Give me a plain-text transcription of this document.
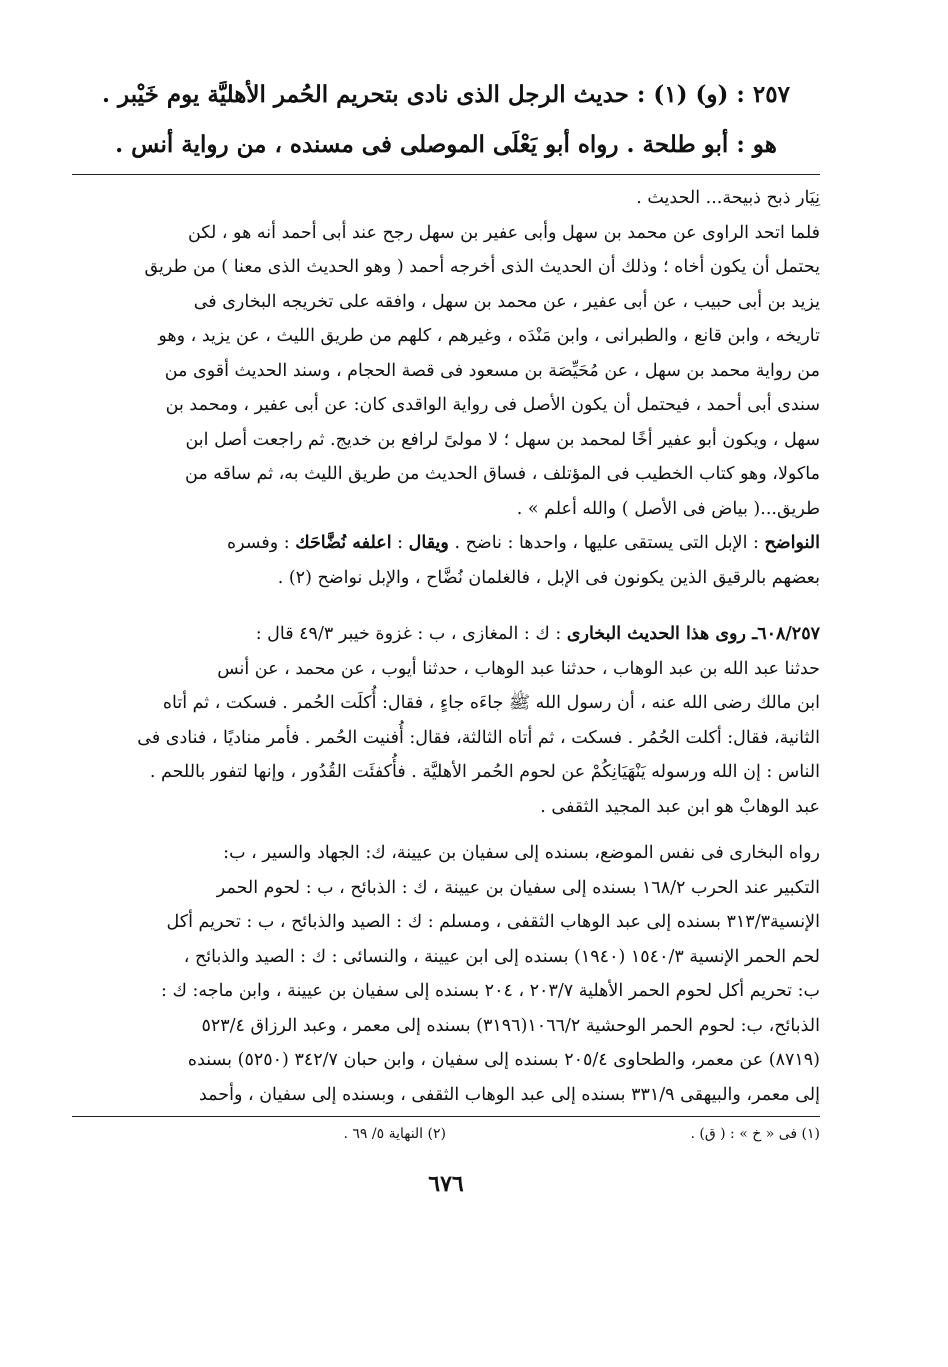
٢٥٧ : (و) (١) : حديث الرجل الذى نادى بتحريم الحُمر الأهليَّة يوم خَيْبر .
هو : أبو طلحة . رواه أبو يَعْلَى الموصلى فى مسنده ، من رواية أنس .

نِيَار ذبح ذبيحة... الحديث .

فلما اتحد الراوى عن محمد بن سهل وأبى عفير بن سهل رجح عند أبى أحمد أنه هو ، لكن

يحتمل أن يكون أخاه ؛ وذلك أن الحديث الذى أخرجه أحمد ( وهو الحديث الذى معنا ) من طريق

يزيد بن أبى حبيب ، عن أبى عفير ، عن محمد بن سهل ، وافقه على تخريجه البخارى فى

تاريخه ، وابن قانع ، والطبرانى ، وابن مَنْدَه ، وغيرهم ، كلهم من طريق الليث ، عن يزيد ، وهو

من رواية محمد بن سهل ، عن مُحَيِّصَة بن مسعود فى قصة الحجام ، وسند الحديث أقوى من

سندى أبى أحمد ، فيحتمل أن يكون الأصل فى رواية الواقدى كان: عن أبى عفير ، ومحمد بن

سهل ، ويكون أبو عفير أخًا لمحمد بن سهل ؛ لا مولىً لرافع بن خديج. ثم راجعت أصل ابن

ماكولا، وهو كتاب الخطيب فى المؤتلف ، فساق الحديث من طريق الليث به، ثم ساقه من

طريق...( بياض فى الأصل ) والله أعلم » .

النواضح : الإبل التى يستقى عليها ، واحدها : ناضح . ويقال : اعلفه نُضَّاحَك : وفسره

بعضهم بالرقيق الذين يكونون فى الإبل ، فالغلمان نُضَّاح ، والإبل نواضح (٢) .

٦٠٨/٢٥٧ـ روى هذا الحديث البخارى : ك : المغازى ، ب : غزوة خيبر ٤٩/٣ قال :

حدثنا عبد الله بن عبد الوهاب ، حدثنا عبد الوهاب ، حدثنا أيوب ، عن محمد ، عن أنس

ابن مالك رضى الله عنه ، أن رسول الله ﷺ جاءَه جاءٍ ، فقال: أُكلَت الحُمر . فسكت ، ثم أتاه

الثانية، فقال: أكلت الحُمُر . فسكت ، ثم أتاه الثالثة، فقال: أُفنيت الحُمر . فأمر مناديًا ، فنادى فى

الناس : إن الله ورسوله يَنْهَيَانِكُمْ عن لحوم الحُمر الأهليَّة . فأُكفئَت القُدُور ، وإنها لتفور باللحم .

عبد الوهابْ هو ابن عبد المجيد الثقفى .

رواه البخارى فى نفس الموضع، بسنده إلى سفيان بن عيينة، ك: الجهاد والسير ، ب:

التكبير عند الحرب ١٦٨/٢ بسنده إلى سفيان بن عيينة ، ك : الذبائح ، ب : لحوم الحمر

الإنسية٣١٣/٣ بسنده إلى عبد الوهاب الثقفى ، ومسلم : ك : الصيد والذبائح ، ب : تحريم أكل

لحم الحمر الإنسية ١٥٤٠/٣ (١٩٤٠) بسنده إلى ابن عيينة ، والنسائى : ك : الصيد والذبائح ،

ب: تحريم أكل لحوم الحمر الأهلية ٢٠٣/٧ ، ٢٠٤ بسنده إلى سفيان بن عيينة ، وابن ماجه: ك :

الذبائح، ب: لحوم الحمر الوحشية ١٠٦٦/٢(٣١٩٦) بسنده إلى معمر ، وعبد الرزاق ٥٢٣/٤

(٨٧١٩) عن معمر، والطحاوى ٢٠٥/٤ بسنده إلى سفيان ، وابن حبان ٣٤٢/٧ (٥٢٥٠) بسنده

إلى معمر، والبيهقى ٣٣١/٩ بسنده إلى عبد الوهاب الثقفى ، وبسنده إلى سفيان ، وأحمد

(١) فى « خ » : ( ق) .
(٢) النهاية ٥/ ٦٩ .
٦٧٦
